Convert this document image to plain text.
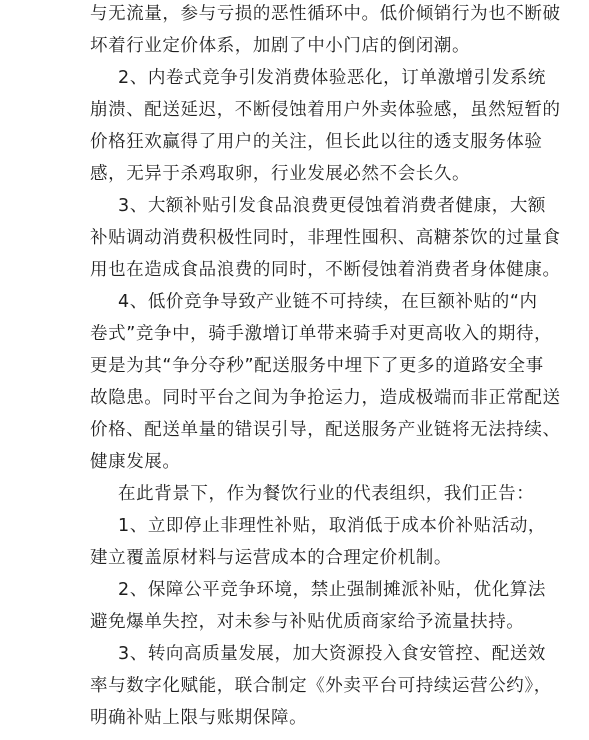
与无流量，参与亏损的恶性循环中。低价倾销行为也不断破
坏着行业定价体系，加剧了中小门店的倒闭潮。
2、内卷式竞争引发消费体验恶化，订单激增引发系统
崩溃、配送延迟，不断侵蚀着用户外卖体验感，虽然短暂的
价格狂欢赢得了用户的关注，但长此以往的透支服务体验
感，无异于杀鸡取卵，行业发展必然不会长久。
3、大额补贴引发食品浪费更侵蚀着消费者健康，大额
补贴调动消费积极性同时，非理性囤积、高糖茶饮的过量食
用也在造成食品浪费的同时，不断侵蚀着消费者身体健康。
4、低价竞争导致产业链不可持续，在巨额补贴的“内
卷式”竞争中，骑手激增订单带来骑手对更高收入的期待，
更是为其“争分夺秒”配送服务中埋下了更多的道路安全事
故隐患。同时平台之间为争抢运力，造成极端而非正常配送
价格、配送单量的错误引导，配送服务产业链将无法持续、
健康发展。
在此背景下，作为餐饮行业的代表组织，我们正告：
1、立即停止非理性补贴，取消低于成本价补贴活动，
建立覆盖原材料与运营成本的合理定价机制。
2、保障公平竞争环境，禁止强制摊派补贴，优化算法
避免爆单失控，对未参与补贴优质商家给予流量扶持。
3、转向高质量发展，加大资源投入食安管控、配送效
率与数字化赋能，联合制定《外卖平台可持续运营公约》，
明确补贴上限与账期保障。
